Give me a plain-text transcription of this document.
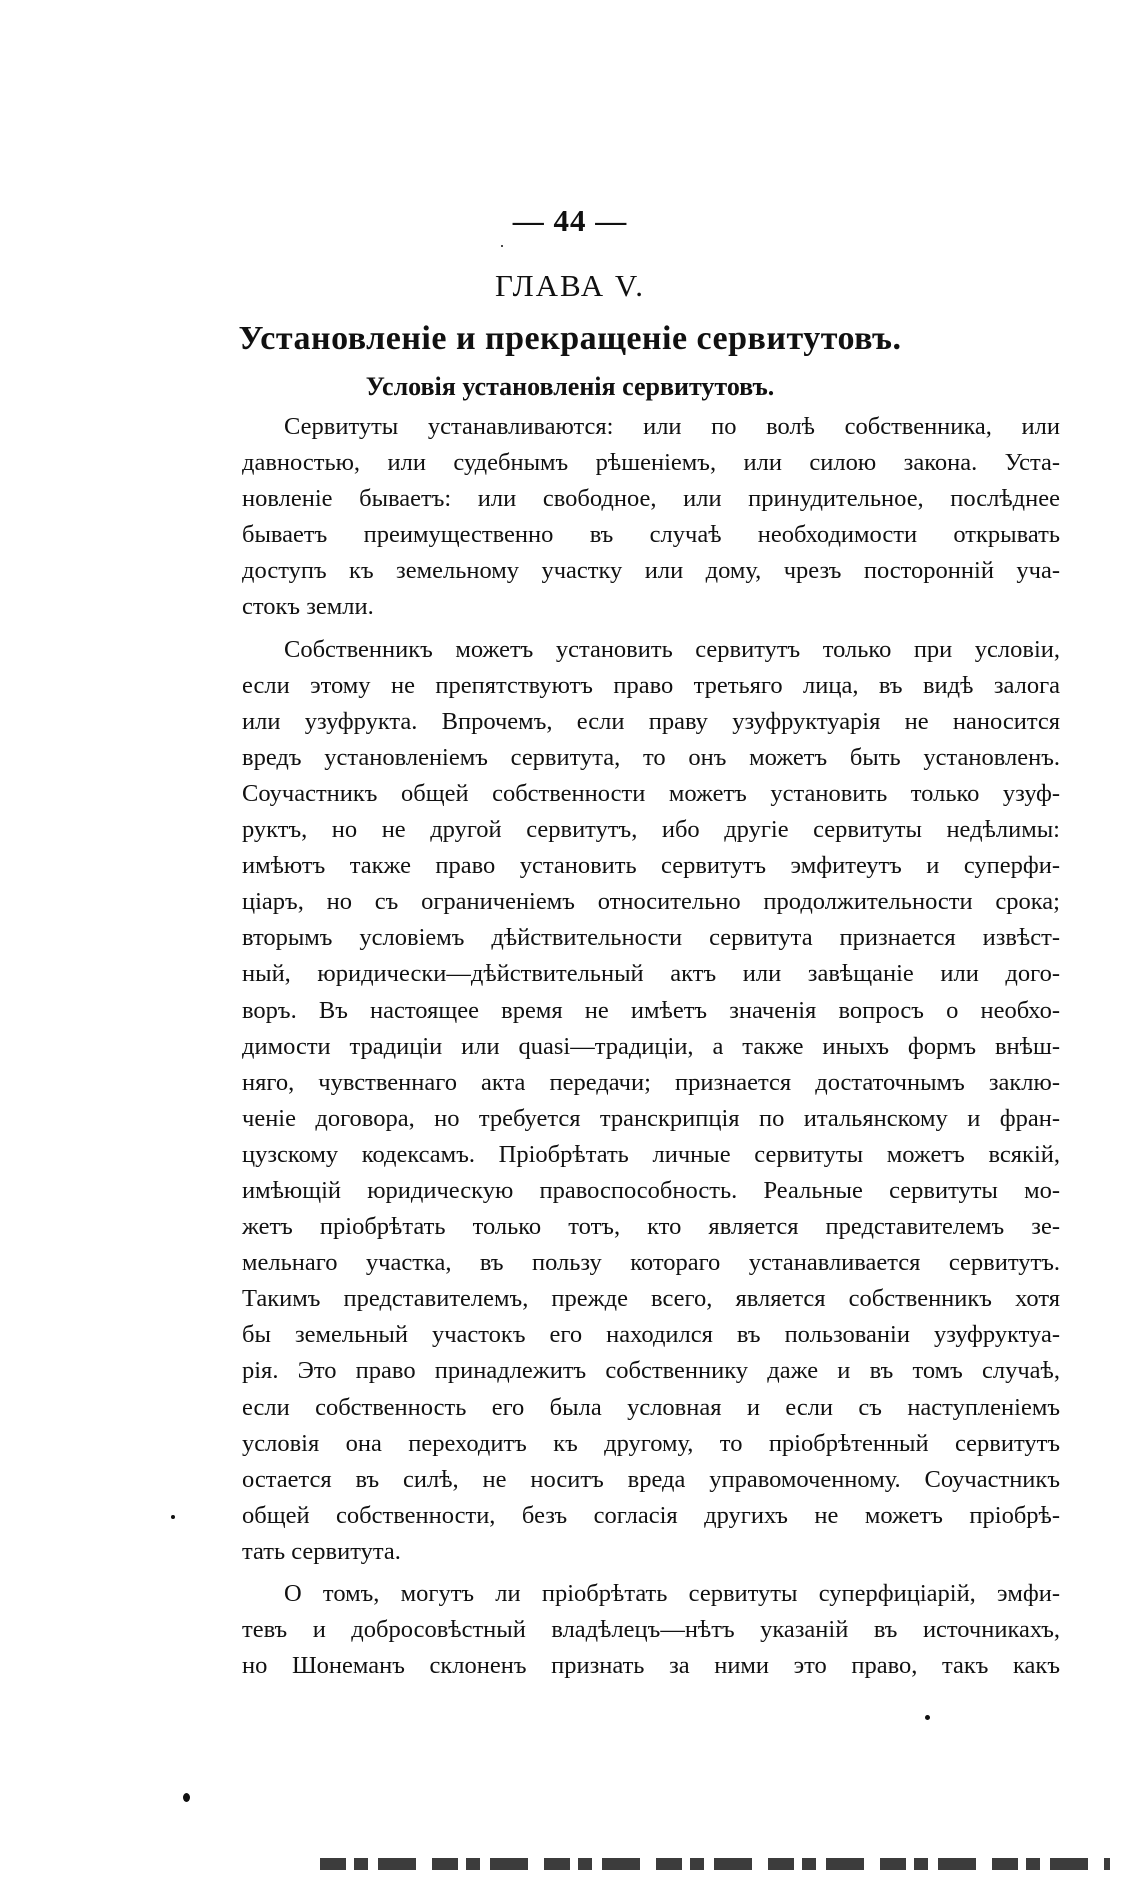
— 44 —
ГЛАВА V.
Установленіе и прекращеніе сервитутовъ.
Условія установленія сервитутовъ.
Сервитуты устанавливаются: или по волѣ собственника, или
давностью, или судебнымъ рѣшеніемъ, или силою закона. Уста-
новленіе бываетъ: или свободное, или принудительное, послѣднее
бываетъ преимущественно въ случаѣ необходимости открывать
доступъ къ земельному участку или дому, чрезъ посторонній уча-
стокъ земли.
Собственникъ можетъ установить сервитутъ только при условіи,
если этому не препятствуютъ право третьяго лица, въ видѣ залога
или узуфрукта. Впрочемъ, если праву узуфруктуарія не наносится
вредъ установленіемъ сервитута, то онъ можетъ быть установленъ.
Соучастникъ общей собственности можетъ установить только узуф-
руктъ, но не другой сервитутъ, ибо другіе сервитуты недѣлимы:
имѣютъ также право установить сервитутъ эмфитеутъ и суперфи-
ціаръ, но съ ограниченіемъ относительно продолжительности срока;
вторымъ условіемъ дѣйствительности сервитута признается извѣст-
ный, юридически—дѣйствительный актъ или завѣщаніе или дого-
воръ. Въ настоящее время не имѣетъ значенія вопросъ о необхо-
димости традиціи или quasi—традиціи, а также иныхъ формъ внѣш-
няго, чувственнаго акта передачи; признается достаточнымъ заклю-
ченіе договора, но требуется транскрипція по итальянскому и фран-
цузскому кодексамъ. Пріобрѣтать личные сервитуты можетъ всякій,
имѣющій юридическую правоспособность. Реальные сервитуты мо-
жетъ пріобрѣтать только тотъ, кто является представителемъ зе-
мельнаго участка, въ пользу котораго устанавливается сервитутъ.
Такимъ представителемъ, прежде всего, является собственникъ хотя
бы земельный участокъ его находился въ пользованіи узуфруктуа-
рія. Это право принадлежитъ собственнику даже и въ томъ случаѣ,
если собственность его была условная и если съ наступленіемъ
условія она переходитъ къ другому, то пріобрѣтенный сервитутъ
остается въ силѣ, не носитъ вреда управомоченному. Соучастникъ
общей собственности, безъ согласія другихъ не можетъ пріобрѣ-
тать сервитута.
О томъ, могутъ ли пріобрѣтать сервитуты суперфиціарій, эмфи-
тевъ и добросовѣстный владѣлецъ—нѣтъ указаній въ источникахъ,
но Шонеманъ склоненъ признать за ними это право, такъ какъ
